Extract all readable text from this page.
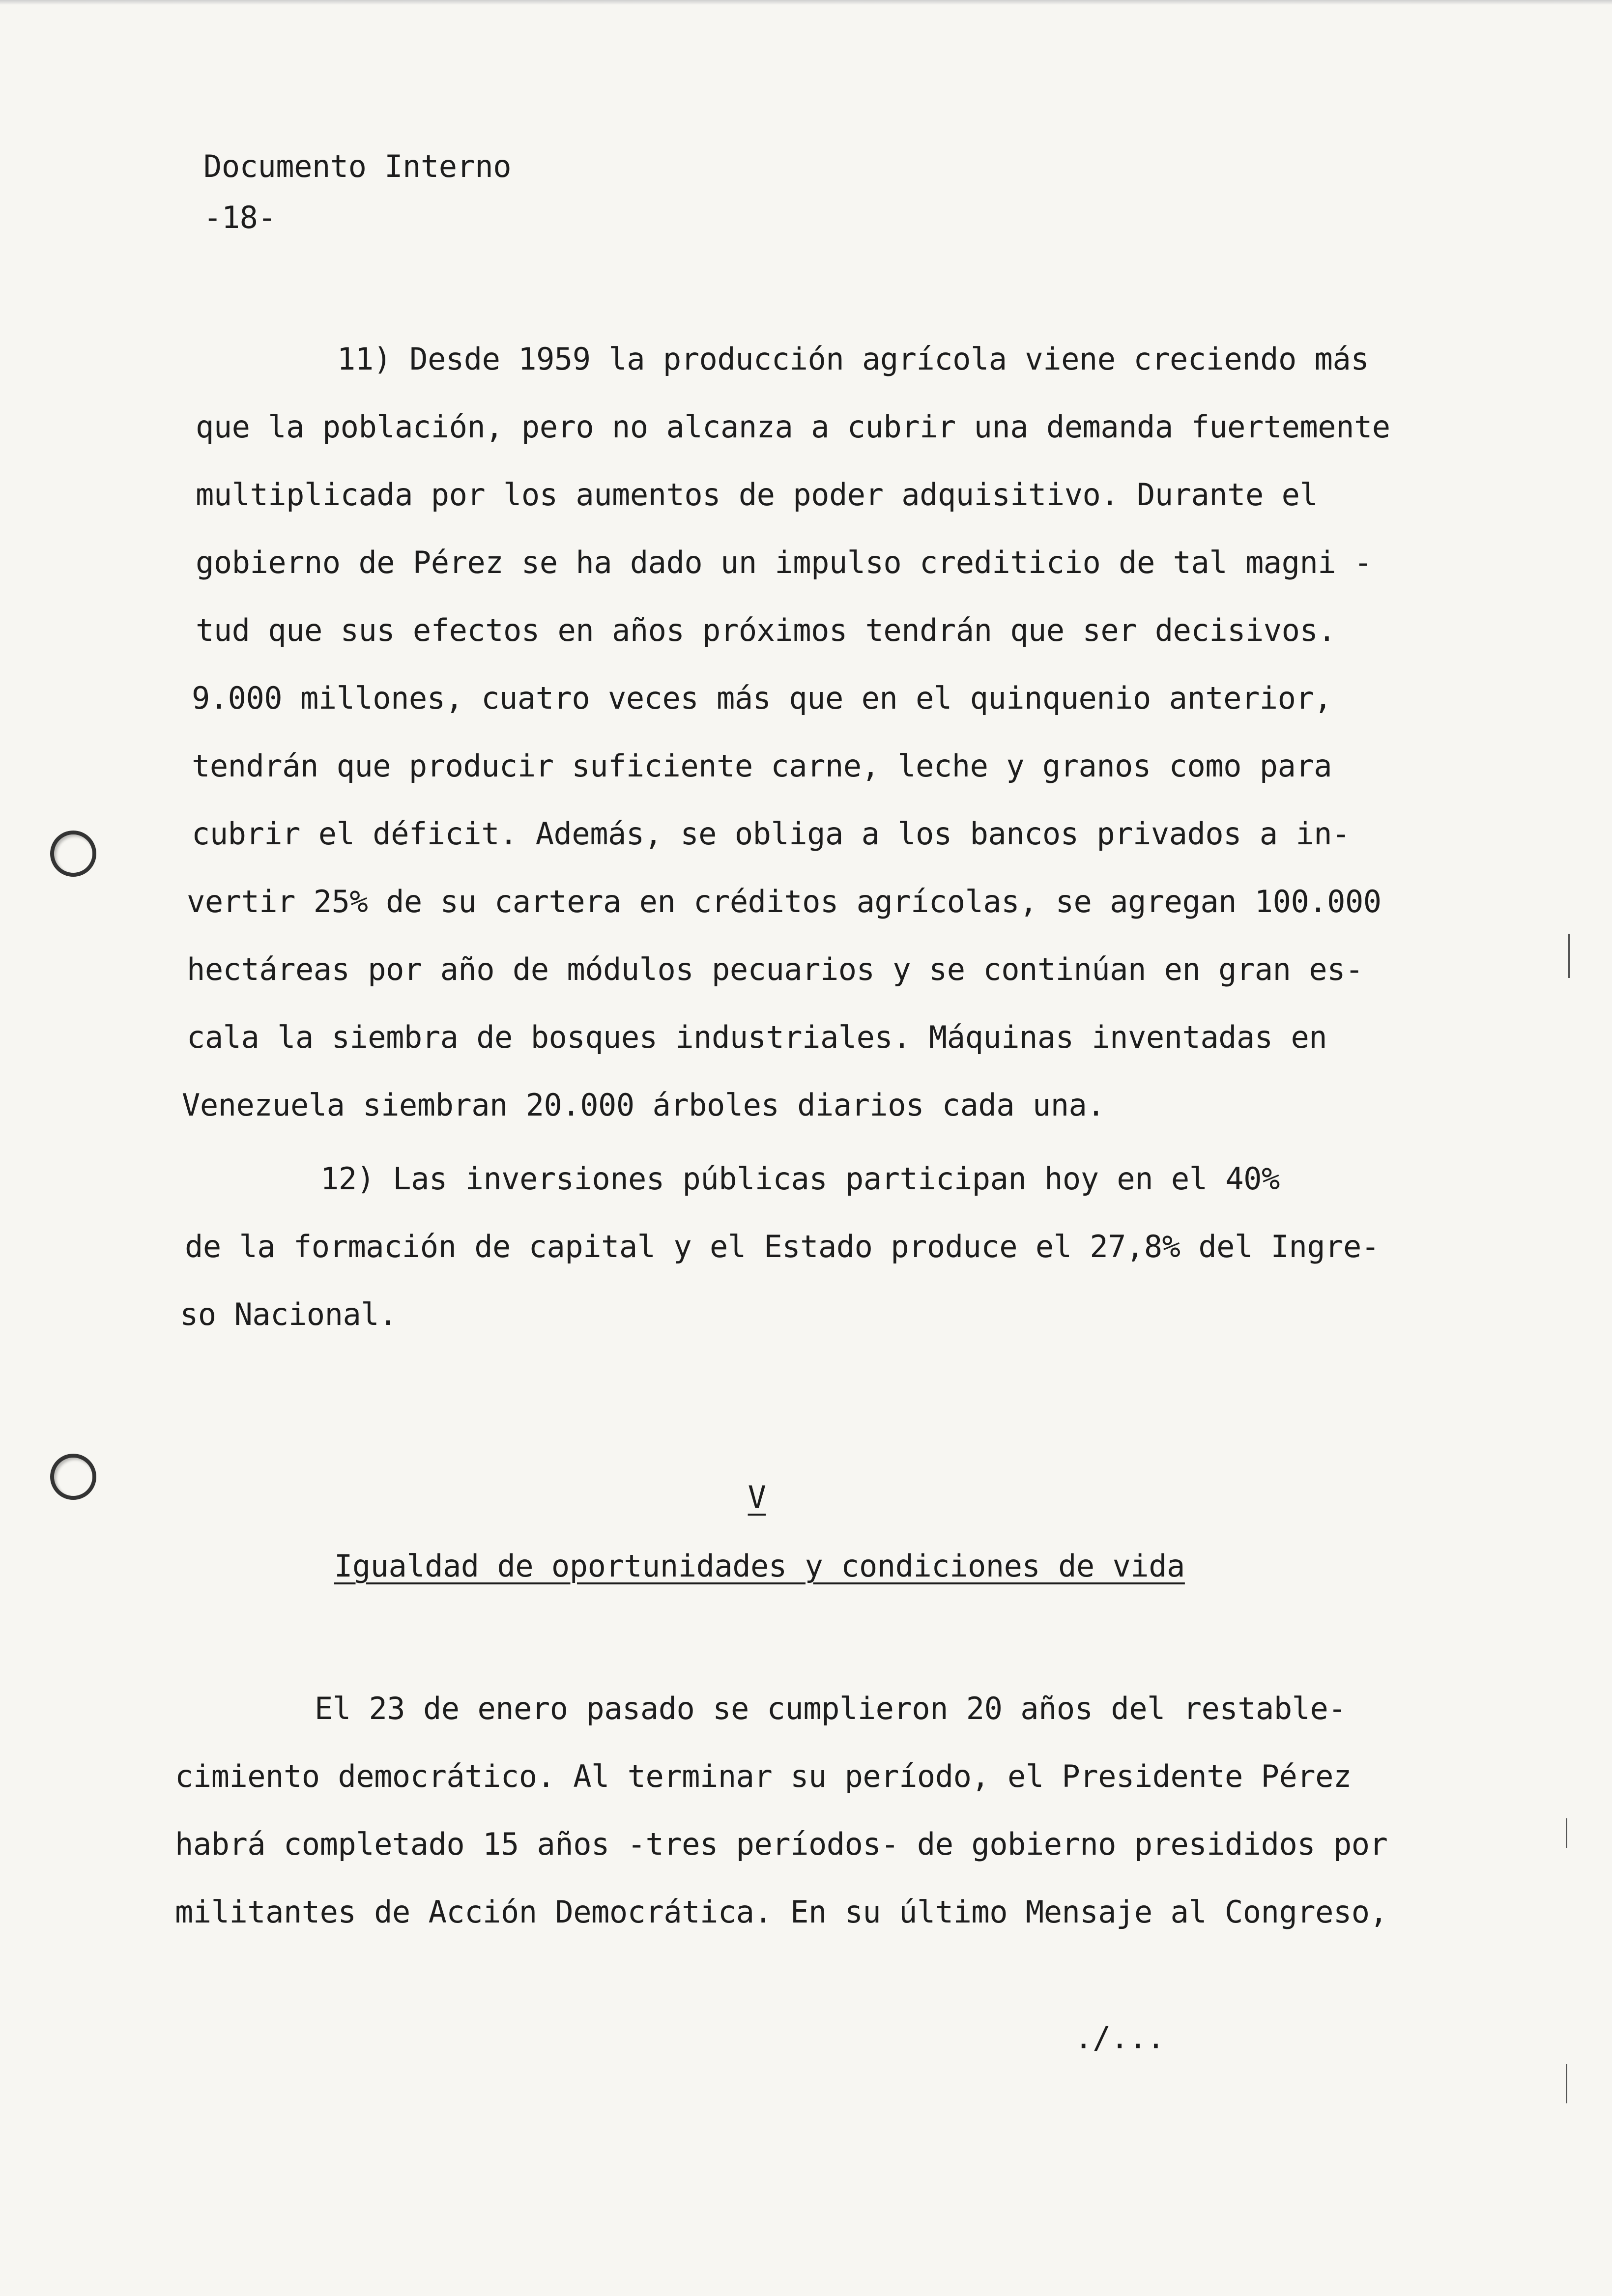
Documento Interno
-18-
11) Desde 1959 la producción agrícola viene creciendo más
que la población, pero no alcanza a cubrir una demanda fuertemente
multiplicada por los aumentos de poder adquisitivo. Durante el
gobierno de Pérez se ha dado un impulso crediticio de tal magni -
tud que sus efectos en años próximos tendrán que ser decisivos.
9.000 millones, cuatro veces más que en el quinquenio anterior,
tendrán que producir suficiente carne, leche y granos como para
cubrir el déficit. Además, se obliga a los bancos privados a in-
vertir 25% de su cartera en créditos agrícolas, se agregan 100.000
hectáreas por año de módulos pecuarios y se continúan en gran es-
cala la siembra de bosques industriales. Máquinas inventadas en
Venezuela siembran 20.000 árboles diarios cada una.
12) Las inversiones públicas participan hoy en el 40%
de la formación de capital y el Estado produce el 27,8% del Ingre-
so Nacional.
V
Igualdad de oportunidades y condiciones de vida
El 23 de enero pasado se cumplieron 20 años del restable-
cimiento democrático. Al terminar su período, el Presidente Pérez
habrá completado 15 años -tres períodos- de gobierno presididos por
militantes de Acción Democrática. En su último Mensaje al Congreso,
./...
